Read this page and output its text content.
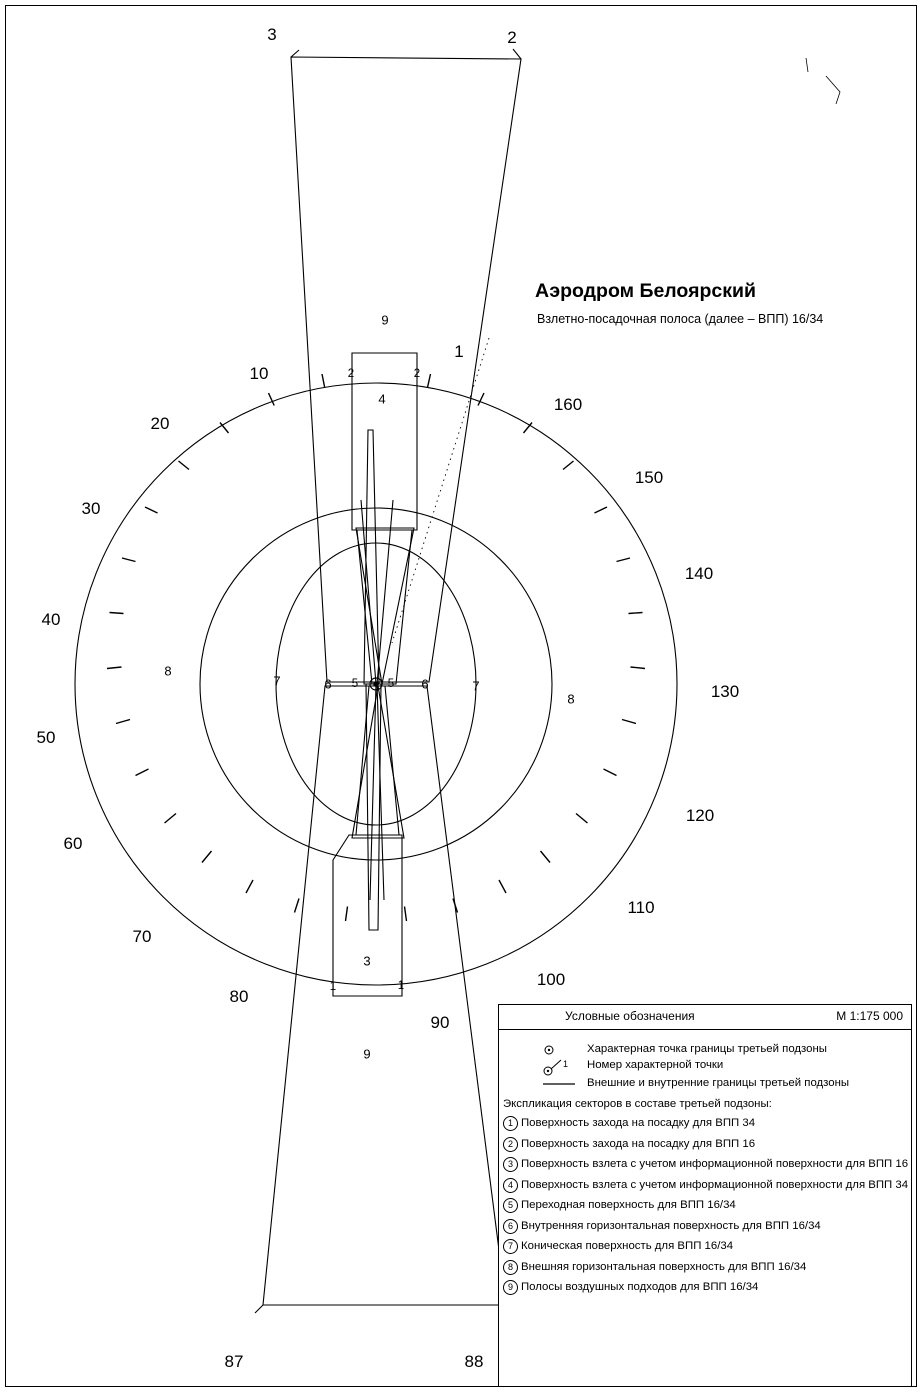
Аэродром Белоярский
Взлетно-посадочная полоса (далее – ВПП) 16/34
10
20
30
40
50
60
70
80
90
100
110
120
130
140
150
160
3	2
9
1
2	2
4
5	5
6	6
7	7
8
8
3
1	1
9
87	88
Условные обозначения	М 1:175 000
Характерная точка границы третьей подзоны
1 Номер характерной точки
Внешние и внутренние границы третьей подзоны
Экспликация секторов в составе третьей подзоны:
1 Поверхность захода на посадку для ВПП 34
2 Поверхность захода на посадку для ВПП 16
3 Поверхность взлета с учетом информационной поверхности для ВПП 16
4 Поверхность взлета с учетом информационной поверхности для ВПП 34
5 Переходная поверхность для ВПП 16/34
6 Внутренняя горизонтальная поверхность для ВПП 16/34
7 Коническая поверхность для ВПП 16/34
8 Внешняя горизонтальная поверхность для ВПП 16/34
9 Полосы воздушных подходов для ВПП 16/34
